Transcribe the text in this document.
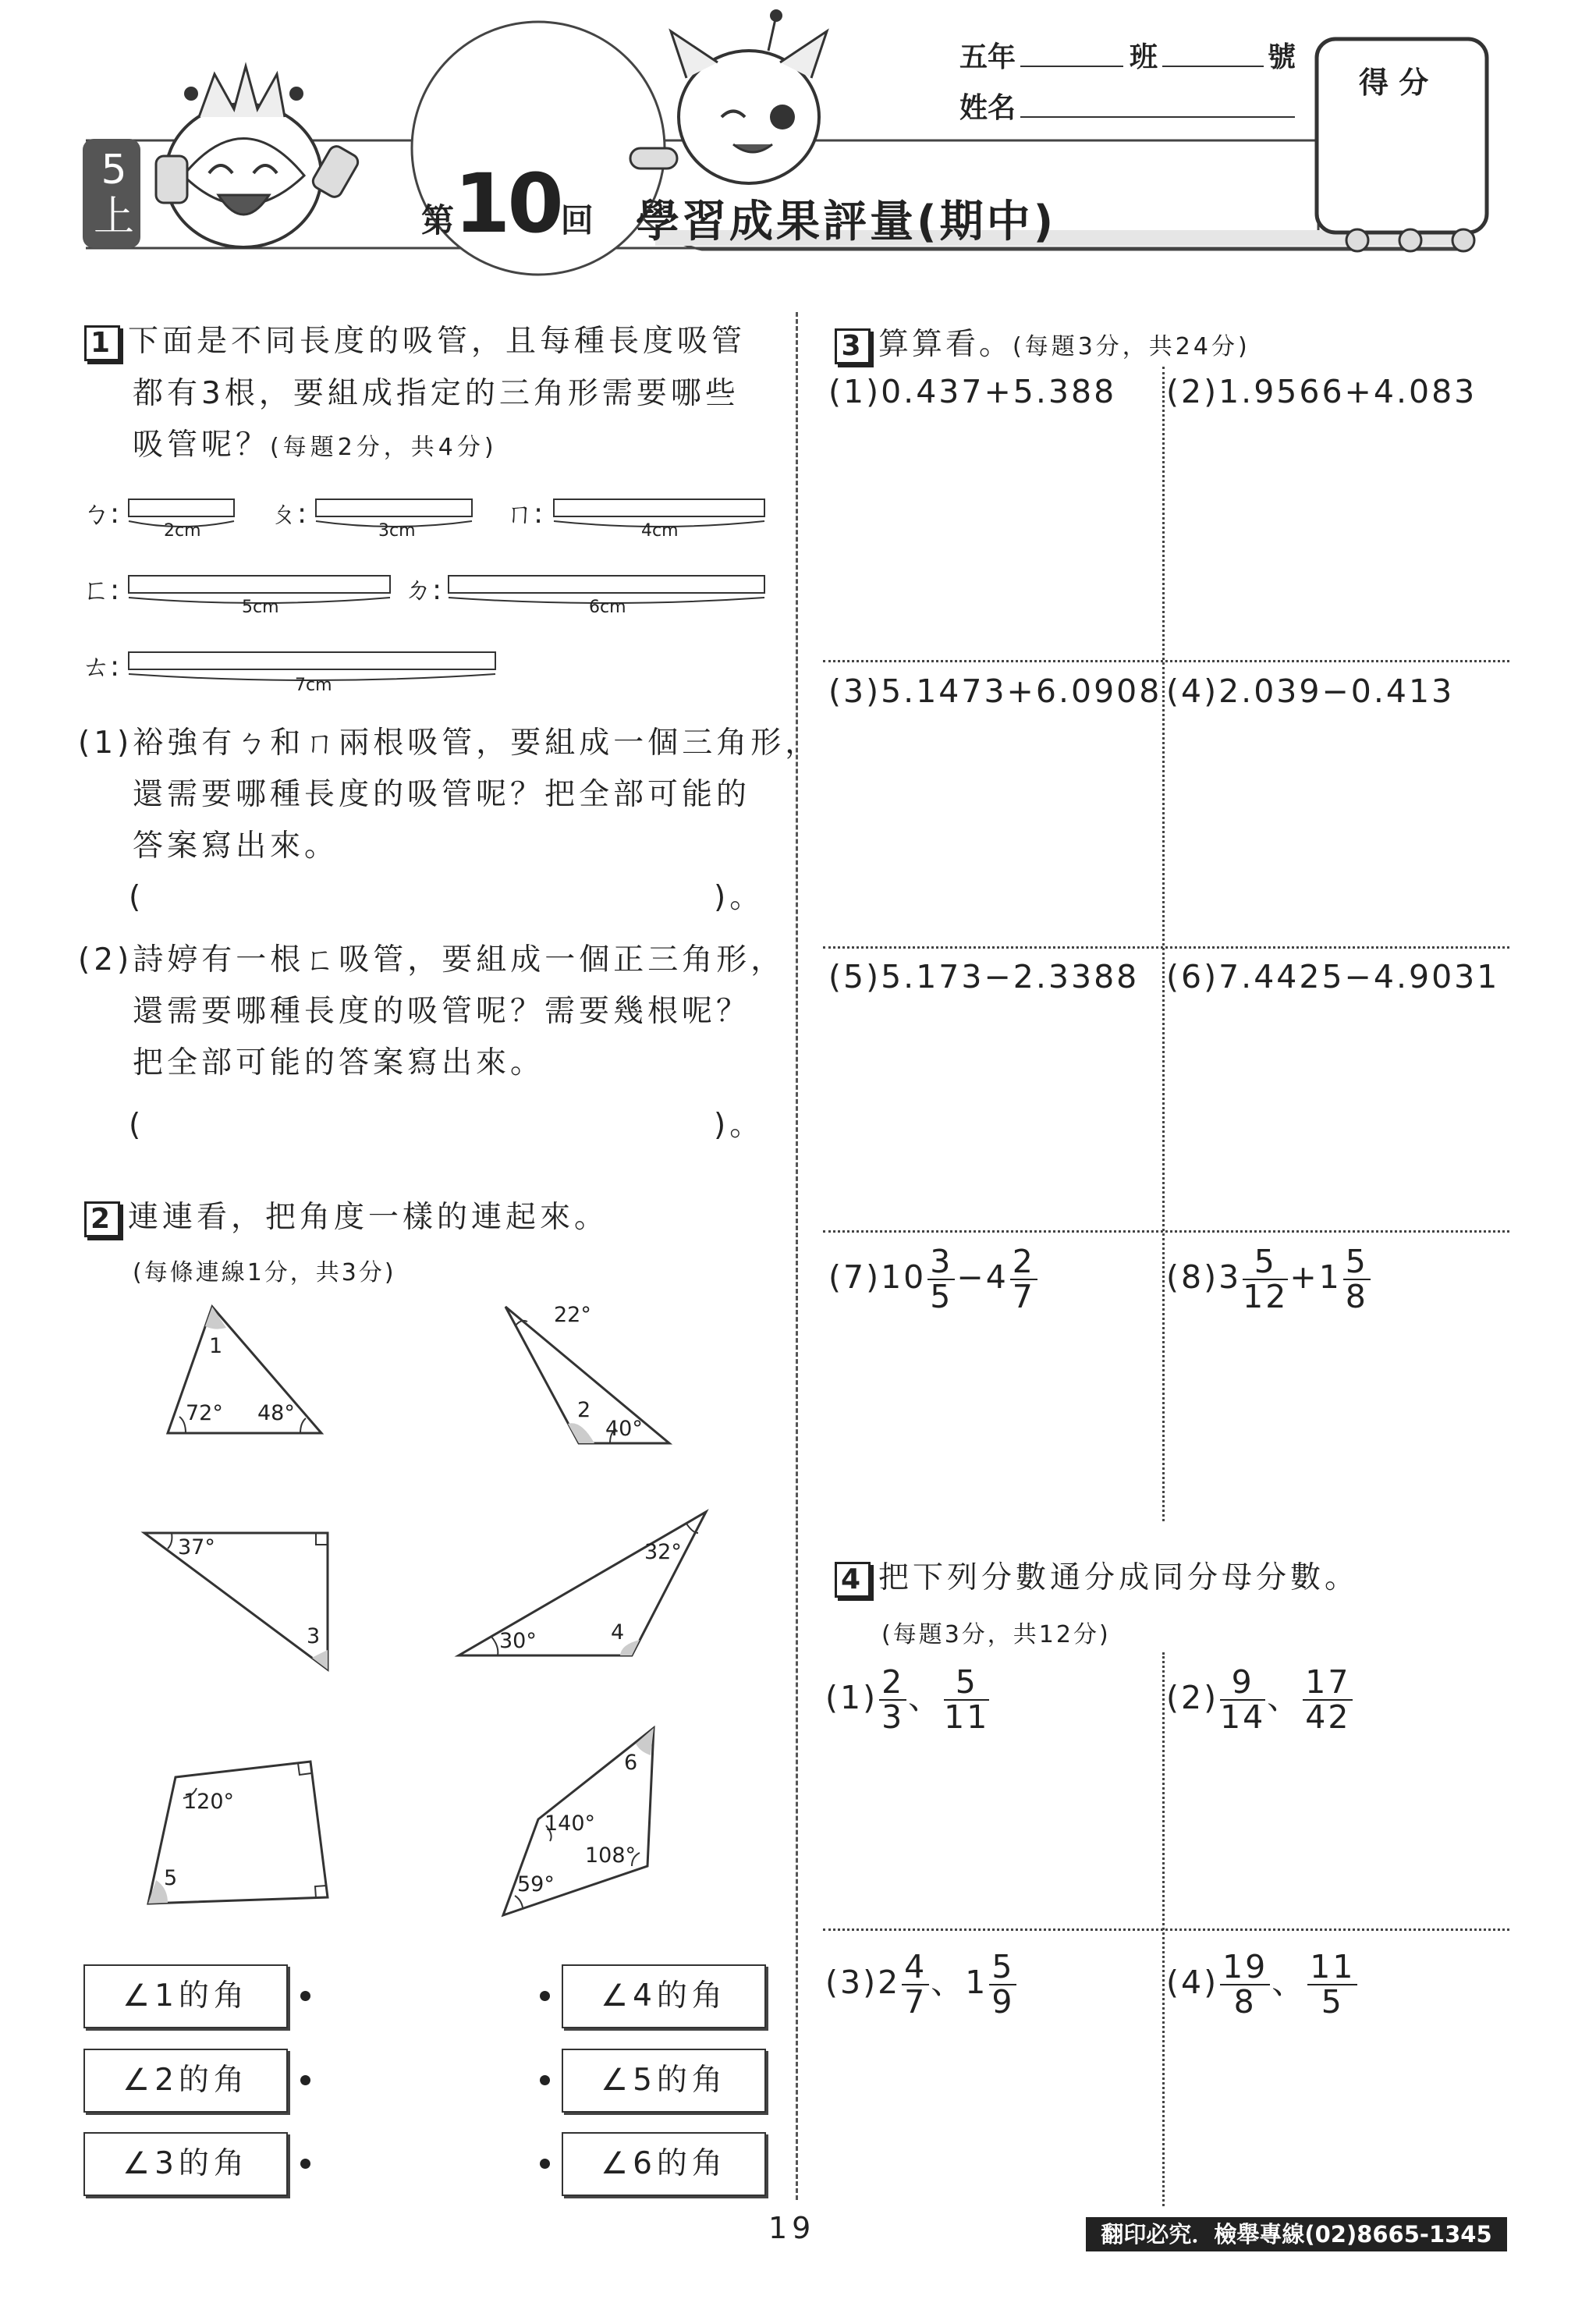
5
上	第10回 學習成果評量(期中)
五年	班	號
姓名
得 分
1 下面是不同長度的吸管，且每種長度吸管
都有3根，要組成指定的三角形需要哪些
吸管呢？(每題2分，共4分)
ㄅ:
2cm
ㄆ:
3cm
ㄇ:
4cm
ㄈ:
5cm
ㄉ:
6cm
ㄊ:
7cm
(1)裕強有ㄅ和ㄇ兩根吸管，要組成一個三角形，
還需要哪種長度的吸管呢？把全部可能的
答案寫出來。
(	)。
(2)詩婷有一根ㄈ吸管，要組成一個正三角形，
還需要哪種長度的吸管呢？需要幾根呢？
把全部可能的答案寫出來。
(	)。
2 連連看，把角度一樣的連起來。
(每條連線1分，共3分)
1
72° 48°
22°
2
40°
37°
3
32°
30°	4
120°
5
6
140°
108°
59°
∠1的角
∠2的角
∠3的角
∠4的角
∠5的角
∠6的角
3 算算看。(每題3分，共24分)
(1)0.437+5.388 (2)1.9566+4.083
(3)5.1473+6.0908 (4)2.039−0.413
(5)5.173−2.3388 (6)7.4425−4.9031
$(7)10 \frac{3}{5} -4 \frac{2}{7}$	$(8)3 \frac{5}{12} +1 \frac{5}{8}$
4 把下列分數通分成同分母分數。
(每題3分，共12分)
$(1) \frac{2}{3}$ 、 $\frac{5}{11}$	$(2) \frac{9}{14}$ 、 $\frac{17}{42}$
$(3)2 \frac{4}{7}$ 、$1 \frac{5}{9}$	$(4) \frac{19}{8}$ 、 $\frac{11}{5}$
19	翻印必究．檢舉專線(02)8665-1345
